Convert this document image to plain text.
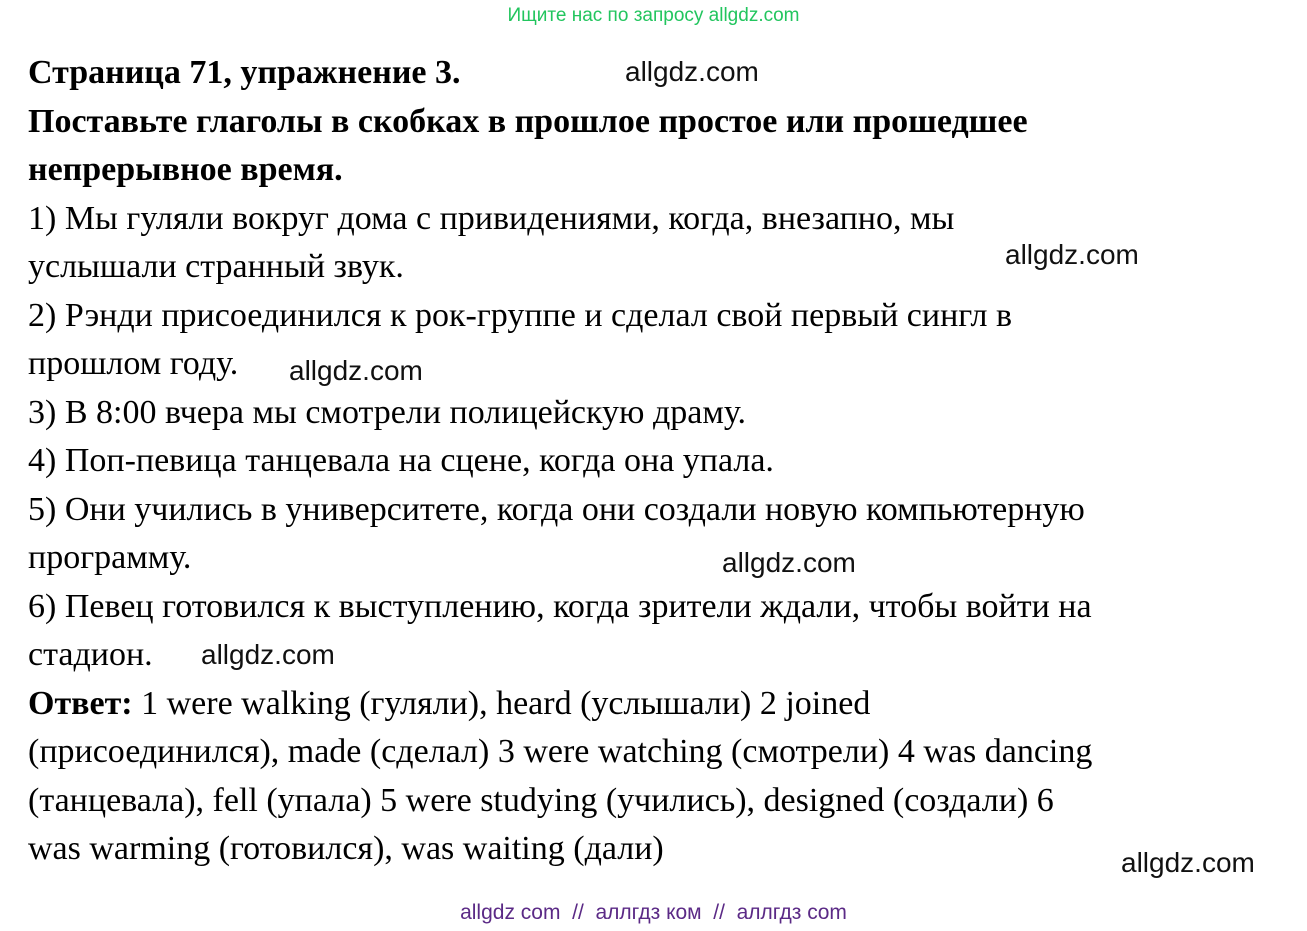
Ищите нас по запросу allgdz.com
Страница 71, упражнение 3.
Поставьте глаголы в скобках в прошлое простое или прошедшее
непрерывное время.
1) Мы гуляли вокруг дома с привидениями, когда, внезапно, мы
услышали странный звук.
2) Рэнди присоединился к рок-группе и сделал свой первый сингл в
прошлом году.
3) В 8:00 вчера мы смотрели полицейскую драму.
4) Поп-певица танцевала на сцене, когда она упала.
5) Они учились в университете, когда они создали новую компьютерную
программу.
6) Певец готовился к выступлению, когда зрители ждали, чтобы войти на
стадион.
Ответ: 1 were walking (гуляли), heard (услышали) 2 joined
(присоединился), made (сделал) 3 were watching (смотрели) 4 was dancing
(танцевала), fell (упала) 5 were studying (учились), designed (создали) 6
was warming (готовился), was waiting (дали)
allgdz.com
allgdz.com
allgdz.com
allgdz.com
allgdz.com
allgdz.com
allgdz com  //  аллгдз ком  //  аллгдз com
